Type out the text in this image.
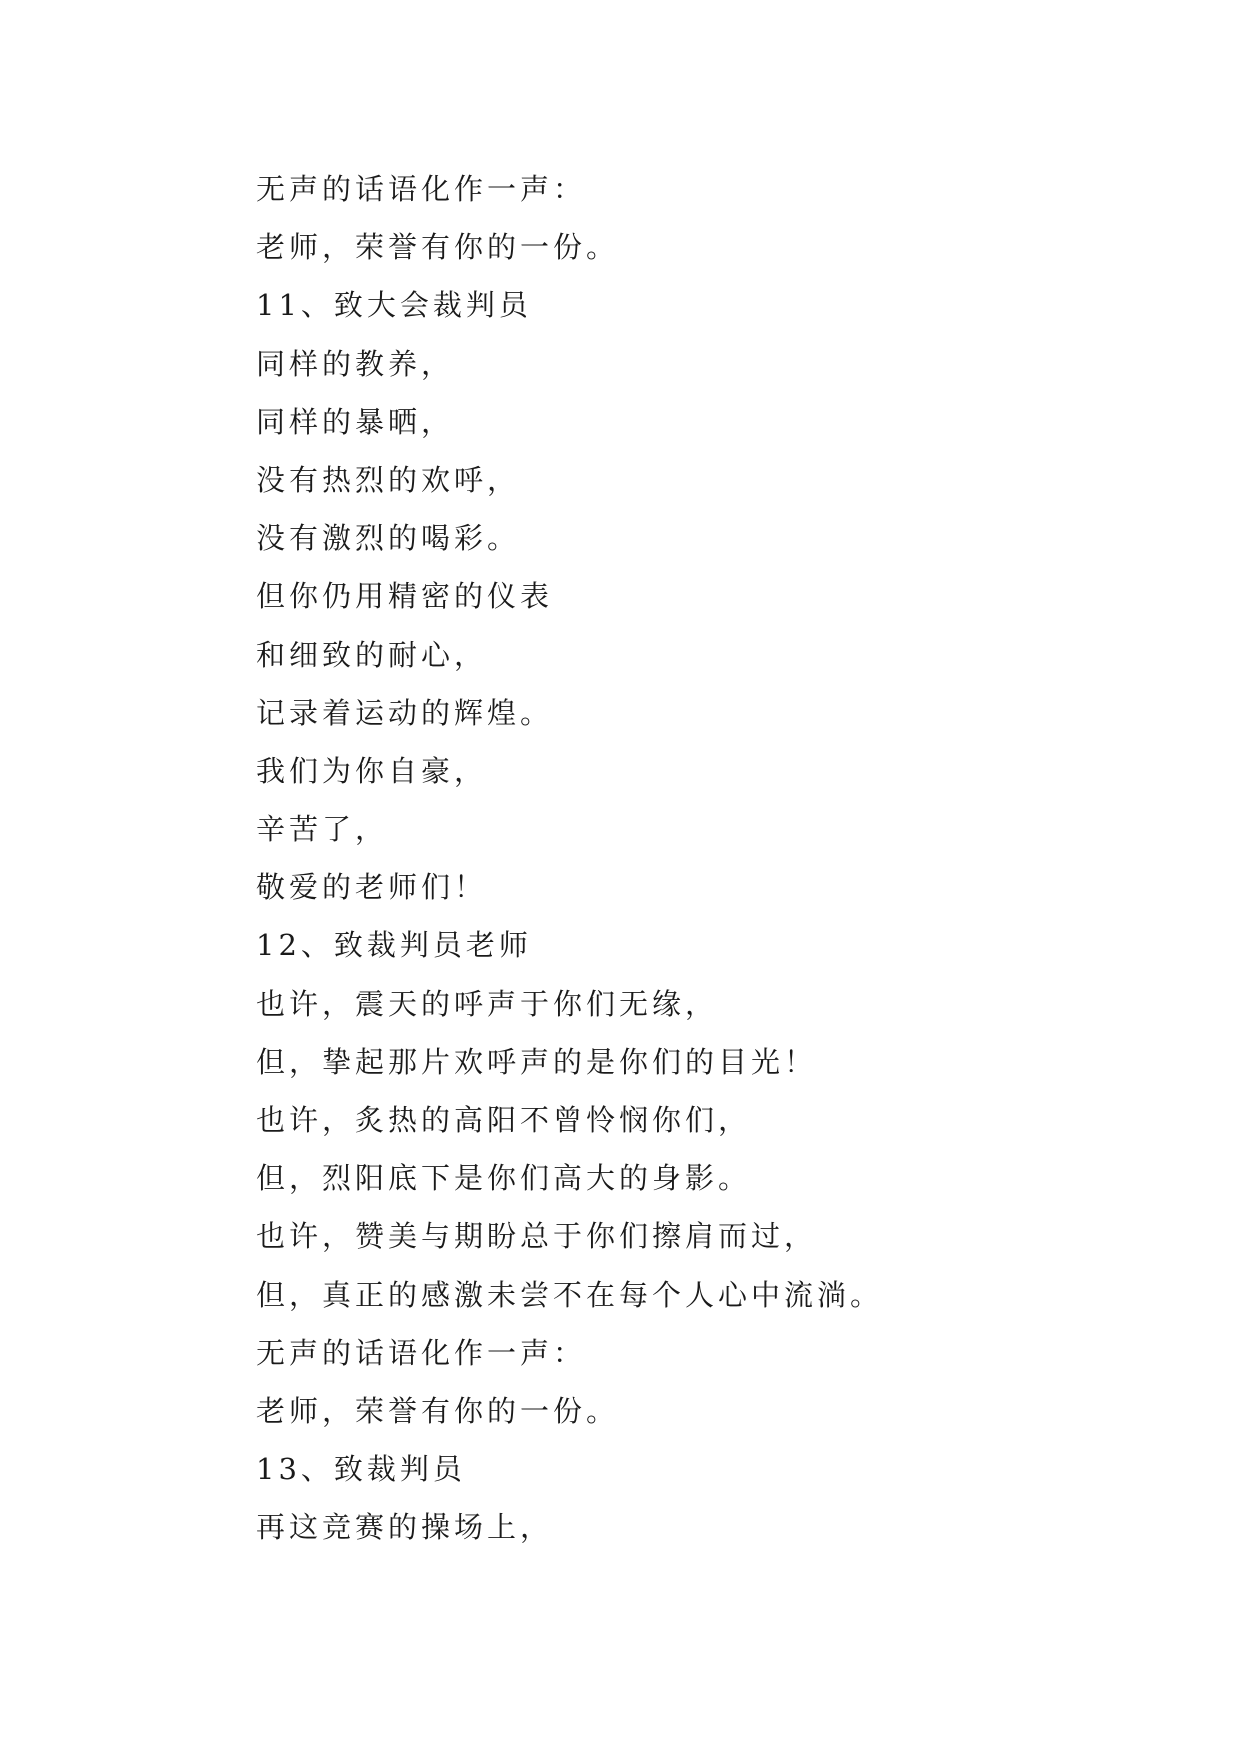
无声的话语化作一声：

老师，荣誉有你的一份。

11、致大会裁判员

同样的教养，

同样的暴晒，

没有热烈的欢呼，

没有激烈的喝彩。

但你仍用精密的仪表

和细致的耐心，

记录着运动的辉煌。

我们为你自豪，

辛苦了，

敬爱的老师们！

12、致裁判员老师

也许，震天的呼声于你们无缘，

但，挚起那片欢呼声的是你们的目光！

也许，炙热的高阳不曾怜悯你们，

但，烈阳底下是你们高大的身影。

也许，赞美与期盼总于你们擦肩而过，

但，真正的感激未尝不在每个人心中流淌。

无声的话语化作一声：

老师，荣誉有你的一份。

13、致裁判员

再这竞赛的操场上，
